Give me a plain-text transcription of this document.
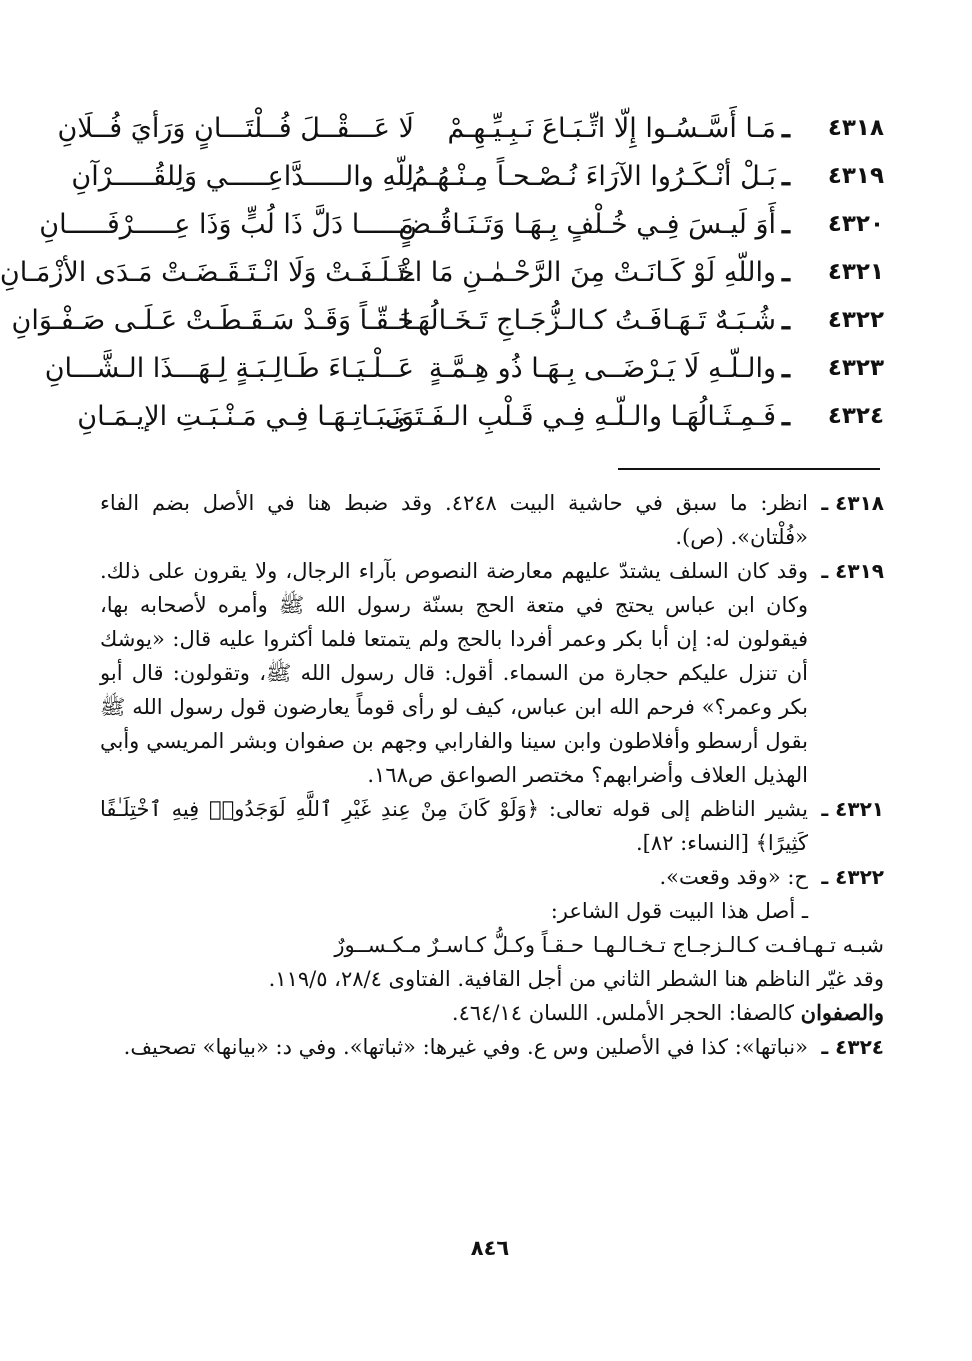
٤٣١٨
ـ
مَـا أَسَّـسُـوا إِلّا اتِّـبَـاعَ نَـبِـيِّـهِـمْ
لَا عَـــقْــلَ فُــلْتَـــانٍ وَرَأيَ فُــلَانِ
٤٣١٩
ـ
بَـلْ أنْـكَـرُوا الآرَاءَ نُـصْـحـاً مِـنْـهُـمُ
لِلّهِ والـــــدَّاعِـــــي وَلِلقُـــــرْآنِ
٤٣٢٠
ـ
أَوَ لَيـسَ فِـي خُـلْفٍ بِـهَـا وَتَـنَـاقُـضٍ
مَـــــا دَلَّ ذَا لُبٍّ وَذَا عِـــــرْفَـــــانِ
٤٣٢١
ـ
واللّهِ لَوْ كَـانَـتْ مِنَ الرَّحْـمٰـنِ مَا اخْـ
ـتَـلَـفَـتْ وَلَا انْـتَـقَـضَـتْ مَـدَى الأزْمَـانِ
٤٣٢٢
ـ
شُـبَـهٌ تَـهَـافَـتُ كـالـزُّجَـاجِ تَـخَـالُهَـا
حَـقّـاً وَقَـدْ سَـقَـطَـتْ عَـلَـى صَـفْـوَانِ
٤٣٢٣
ـ
والـلّـهِ لَا يَـرْضَــى بِـهَـا ذُو هِـمَّـةٍ
عَــلْـيَـاءَ طَـالِـبَـةٍ لِـهَـــذَا الـشَّـــانِ
٤٣٢٤
ـ
فَـمِـثَـالُهَـا والـلّـهِ فِـي قَـلْبِ الـفَـتَـى
وَنَـبَـاتِـهَـا فِـي مَـنْـبَـتِ الإيـمَـانِ
٤٣١٨ ـ

انظر: ما سبق في حاشية البيت ٤٢٤٨. وقد ضبط هنا في الأصل بضم الفاء «فُلْتان». (ص).

٤٣١٩ ـ

وقد كان السلف يشتدّ عليهم معارضة النصوص بآراء الرجال، ولا يقرون على ذلك. وكان ابن عباس يحتج في متعة الحج بسنّة رسول الله ﷺ وأمره لأصحابه بها، فيقولون له: إن أبا بكر وعمر أفردا بالحج ولم يتمتعا فلما أكثروا عليه قال: «يوشك أن تنزل عليكم حجارة من السماء. أقول: قال رسول الله ﷺ، وتقولون: قال أبو بكر وعمر؟» فرحم الله ابن عباس، كيف لو رأى قوماً يعارضون قول رسول الله ﷺ بقول أرسطو وأفلاطون وابن سينا والفارابي وجهم بن صفوان وبشر المريسي وأبي الهذيل العلاف وأضرابهم؟ مختصر الصواعق ص١٦٨.

٤٣٢١ ـ

يشير الناظم إلى قوله تعالى: ﴿وَلَوْ كَانَ مِنْ عِندِ غَيْرِ ٱللَّهِ لَوَجَدُوا۟ فِيهِ ٱخْتِلَـٰفًا كَثِيرًا﴾ [النساء: ٨٢].

٤٣٢٢ ـ

ح: «وقد وقعت».

ـ أصل هذا البيت قول الشاعر:

شبـه تـهـافـت كـالـزجـاج تـخـالـهـا
حـقـاً وكـلُّ كـاسـرٌ مـكـســورٌ

وقد غيّر الناظم هنا الشطر الثاني من أجل القافية. الفتاوى ٢٨/٤، ١١٩/٥.

والصفوان كالصفا: الحجر الأملس. اللسان ٤٦٤/١٤.

٤٣٢٤ ـ

«نباتها»: كذا في الأصلين وس ع. وفي غيرها: «ثباتها». وفي د: «بيانها» تصحيف.

٨٤٦
